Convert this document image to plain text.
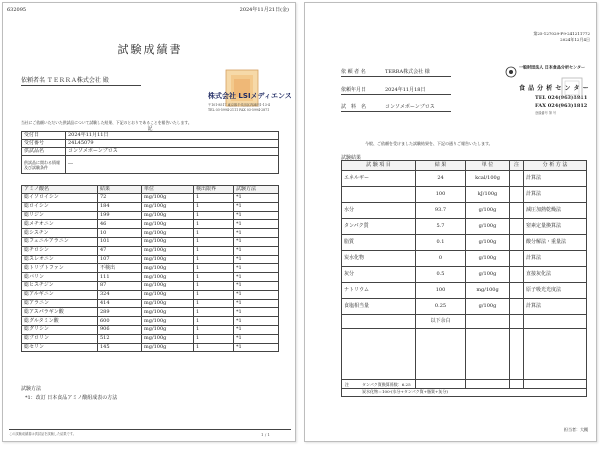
632095	2024年11月21日(金)
試験成績書
依頼者名 ＴＥＲＲＡ株式会社 殿
株式会社 LSIメディエンス
〒101-8517 東京都千代田区内神田1-13-4
TEL 03-5994-2111 FAX 03-5994-2871
当社にご依頼いただいた供試品について試験した結果、下記のとおりであることを報告いたします。
記
受付日	2024年11月11日
受付番号	24L45079
供試品名	コンソメボーンブロス
供試品に関わる情報及び試験条件	―
アミノ酸名	結果	単位	検出限界	試験方法
総イソロイシン	72	mg/100g	1	*1
総ロイシン	184	mg/100g	1	*1
総リジン	199	mg/100g	1	*1
総メチオニン	46	mg/100g	1	*1
総シスチン	10	mg/100g	1	*1
総フェニルアラニン	101	mg/100g	1	*1
総チロシン	47	mg/100g	1	*1
総スレオニン	107	mg/100g	1	*1
総トリプトファン	不検出	mg/100g	1	*1
総バリン	111	mg/100g	1	*1
総ヒスチジン	87	mg/100g	1	*1
総アルギニン	324	mg/100g	1	*1
総アラニン	414	mg/100g	1	*1
総アスパラギン酸	289	mg/100g	1	*1
総グルタミン酸	600	mg/100g	1	*1
総グリシン	906	mg/100g	1	*1
総プロリン	512	mg/100g	1	*1
総セリン	145	mg/100g	1	*1
試験方法
*1：改訂 日本食品アミノ酸組成表の方法
この試験成績書は供試品を試験した結果です。	1 / 1
第25-127029-F9-241211772
2024年12月4日
依 頼 者 名	TERRA株式会社 様
依頼年月日	2024年11月18日
試　料　名	コンソメボーンブロス
一般財団法人 日本食品分析センター
食 品 分 析 セ ン タ ー
TEL 024(963)1811
FAX 024(963)1812
登録番号 第 号
今般、ご依頼を受けました試験結果を、下記の通りご報告いたします。
試験結果
試 験 項 目	結 果	単 位	注	分 析 方 法
エネルギー	24	kcal/100g		計算法
	100	kJ/100g		計算法
水分	93.7	g/100g		減圧加熱乾燥法
タンパク質	5.7	g/100g		窒素定量換算法
脂質	0.1	g/100g		酸分解法・重量法
炭水化物	0	g/100g		計算法
灰分	0.5	g/100g		直接灰化法
ナトリウム	100	mg/100g		原子吸光光度法
食塩相当量	0.25	g/100g		計算法
	以下余白			

注	タンパク質換算係数：6.25
炭水化物＝100-(水分+タンパク質+脂質+灰分)
担当者：大槻
